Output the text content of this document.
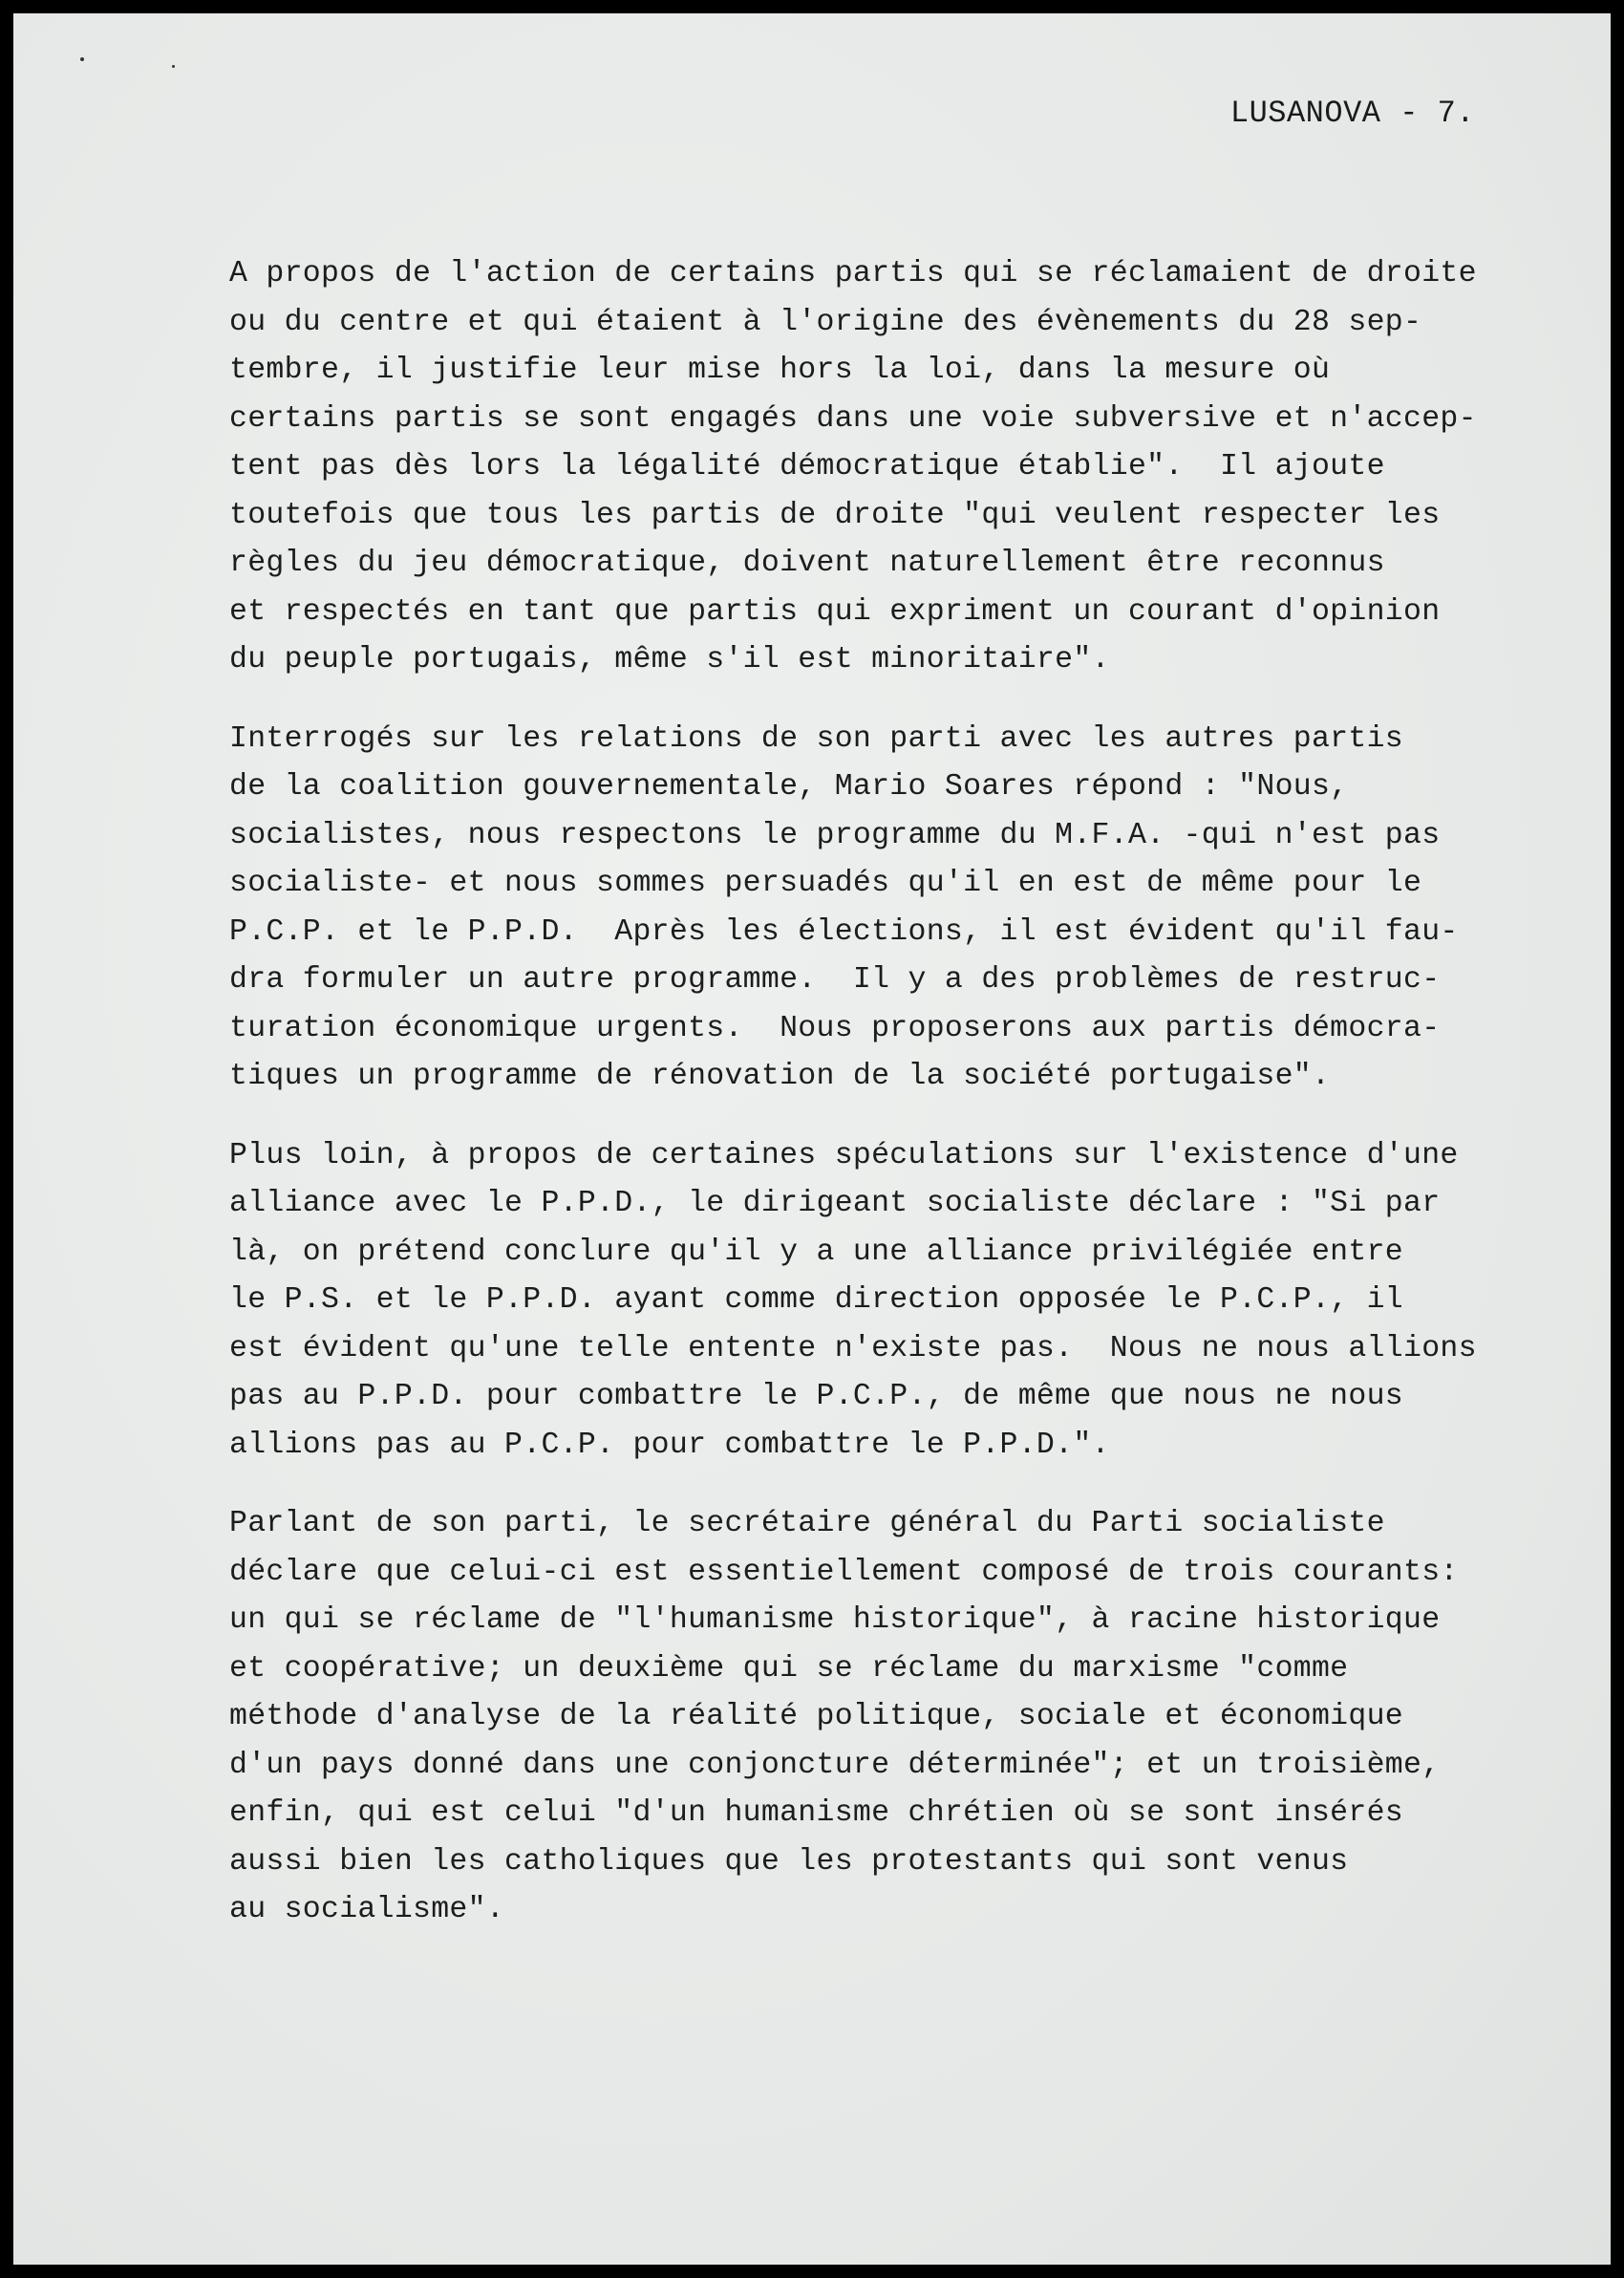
LUSANOVA - 7.
A propos de l'action de certains partis qui se réclamaient de droite
ou du centre et qui étaient à l'origine des évènements du 28 sep-
tembre, il justifie leur mise hors la loi, dans la mesure où
certains partis se sont engagés dans une voie subversive et n'accep-
tent pas dès lors la légalité démocratique établie".  Il ajoute
toutefois que tous les partis de droite "qui veulent respecter les
règles du jeu démocratique, doivent naturellement être reconnus
et respectés en tant que partis qui expriment un courant d'opinion
du peuple portugais, même s'il est minoritaire".
Interrogés sur les relations de son parti avec les autres partis
de la coalition gouvernementale, Mario Soares répond : "Nous,
socialistes, nous respectons le programme du M.F.A. -qui n'est pas
socialiste- et nous sommes persuadés qu'il en est de même pour le
P.C.P. et le P.P.D.  Après les élections, il est évident qu'il fau-
dra formuler un autre programme.  Il y a des problèmes de restruc-
turation économique urgents.  Nous proposerons aux partis démocra-
tiques un programme de rénovation de la société portugaise".
Plus loin, à propos de certaines spéculations sur l'existence d'une
alliance avec le P.P.D., le dirigeant socialiste déclare : "Si par
là, on prétend conclure qu'il y a une alliance privilégiée entre
le P.S. et le P.P.D. ayant comme direction opposée le P.C.P., il
est évident qu'une telle entente n'existe pas.  Nous ne nous allions
pas au P.P.D. pour combattre le P.C.P., de même que nous ne nous
allions pas au P.C.P. pour combattre le P.P.D.".
Parlant de son parti, le secrétaire général du Parti socialiste
déclare que celui-ci est essentiellement composé de trois courants:
un qui se réclame de "l'humanisme historique", à racine historique
et coopérative; un deuxième qui se réclame du marxisme "comme
méthode d'analyse de la réalité politique, sociale et économique
d'un pays donné dans une conjoncture déterminée"; et un troisième,
enfin, qui est celui "d'un humanisme chrétien où se sont insérés
aussi bien les catholiques que les protestants qui sont venus
au socialisme".
